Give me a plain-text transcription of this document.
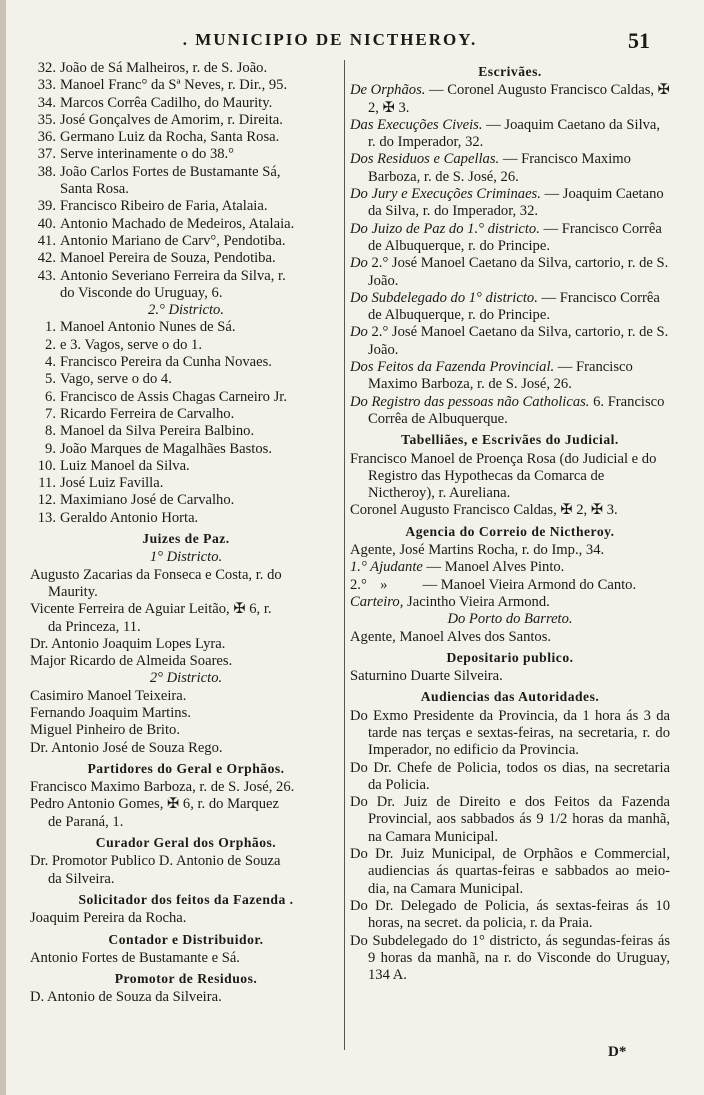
. MUNICIPIO DE NICTHEROY.	51
32. João de Sá Malheiros, r. de S. João.
33. Manoel Franc° da Sª Neves, r. Dir., 95.
34. Marcos Corrêa Cadilho, do Maurity.
35. José Gonçalves de Amorim, r. Direita.
36. Germano Luiz da Rocha, Santa Rosa.
37. Serve interinamente o do 38.°
38. João Carlos Fortes de Bustamante Sá,
Santa Rosa.
39. Francisco Ribeiro de Faria, Atalaia.
40. Antonio Machado de Medeiros, Atalaia.
41. Antonio Mariano de Carv°, Pendotiba.
42. Manoel Pereira de Souza, Pendotiba.
43. Antonio Severiano Ferreira da Silva, r.
do Visconde do Uruguay, 6.
2.° Districto.
1. Manoel Antonio Nunes de Sá.
2. e 3. Vagos, serve o do 1.
4. Francisco Pereira da Cunha Novaes.
5. Vago, serve o do 4.
6. Francisco de Assis Chagas Carneiro Jr.
7. Ricardo Ferreira de Carvalho.
8. Manoel da Silva Pereira Balbino.
9. João Marques de Magalhães Bastos.
10. Luiz Manoel da Silva.
11. José Luiz Favilla.
12. Maximiano José de Carvalho.
13. Geraldo Antonio Horta.
Juizes de Paz.
1° Districto.
Augusto Zacarias da Fonseca e Costa, r. do
Maurity.
Vicente Ferreira de Aguiar Leitão, ✠ 6, r.
da Princeza, 11.
Dr. Antonio Joaquim Lopes Lyra.
Major Ricardo de Almeida Soares.
2° Districto.
Casimiro Manoel Teixeira.
Fernando Joaquim Martins.
Miguel Pinheiro de Brito.
Dr. Antonio José de Souza Rego.
Partidores do Geral e Orphãos.
Francisco Maximo Barboza, r. de S. José, 26.
Pedro Antonio Gomes, ✠ 6, r. do Marquez
de Paraná, 1.
Curador Geral dos Orphãos.
Dr. Promotor Publico D. Antonio de Souza
da Silveira.
Solicitador dos feitos da Fazenda .
Joaquim Pereira da Rocha.
Contador e Distribuidor.
Antonio Fortes de Bustamante e Sá.
Promotor de Residuos.
D. Antonio de Souza da Silveira.
Escrivães.
De Orphãos. — Coronel Augusto Francisco Caldas, ✠ 2, ✠ 3.
Das Execuções Civeis. — Joaquim Caetano da Silva, r. do Imperador, 32.
Dos Residuos e Capellas. — Francisco Maximo Barboza, r. de S. José, 26.
Do Jury e Execuções Criminaes. — Joaquim Caetano da Silva, r. do Imperador, 32.
Do Juizo de Paz do 1.° districto. — Francisco Corrêa de Albuquerque, r. do Principe.
Do 2.° José Manoel Caetano da Silva, cartorio, r. de S. João.
Do Subdelegado do 1° districto. — Francisco Corrêa de Albuquerque, r. do Principe.
Do 2.° José Manoel Caetano da Silva, cartorio, r. de S. João.
Dos Feitos da Fazenda Provincial. — Francisco Maximo Barboza, r. de S. José, 26.
Do Registro das pessoas não Catholicas. 6. Francisco Corrêa de Albuquerque.
Tabelliães, e Escrivães do Judicial.
Francisco Manoel de Proença Rosa (do Judicial e do Registro das Hypothecas da Comarca de Nictheroy), r. Aureliana.
Coronel Augusto Francisco Caldas, ✠ 2, ✠ 3.
Agencia do Correio de Nictheroy.
Agente, José Martins Rocha, r. do Imp., 34.
1.° Ajudante — Manoel Alves Pinto.
2.° » — Manoel Vieira Armond do Canto.
Carteiro, Jacintho Vieira Armond.
Do Porto do Barreto.
Agente, Manoel Alves dos Santos.
Depositario publico.
Saturnino Duarte Silveira.
Audiencias das Autoridades.
Do Exmo Presidente da Provincia, da 1 hora ás 3 da tarde nas terças e sextas-feiras, na secretaria, r. do Imperador, no edificio da Provincia.
Do Dr. Chefe de Policia, todos os dias, na secretaria da Policia.
Do Dr. Juiz de Direito e dos Feitos da Fazenda Provincial, aos sabbados ás 9 1/2 horas da manhã, na Camara Municipal.
Do Dr. Juiz Municipal, de Orphãos e Commercial, audiencias ás quartas-feiras e sabbados ao meio-dia, na Camara Municipal.
Do Dr. Delegado de Policia, ás sextas-feiras ás 10 horas, na secret. da policia, r. da Praia.
Do Subdelegado do 1° districto, ás segundas-feiras ás 9 horas da manhã, na r. do Visconde do Uruguay, 134 A.
D*
